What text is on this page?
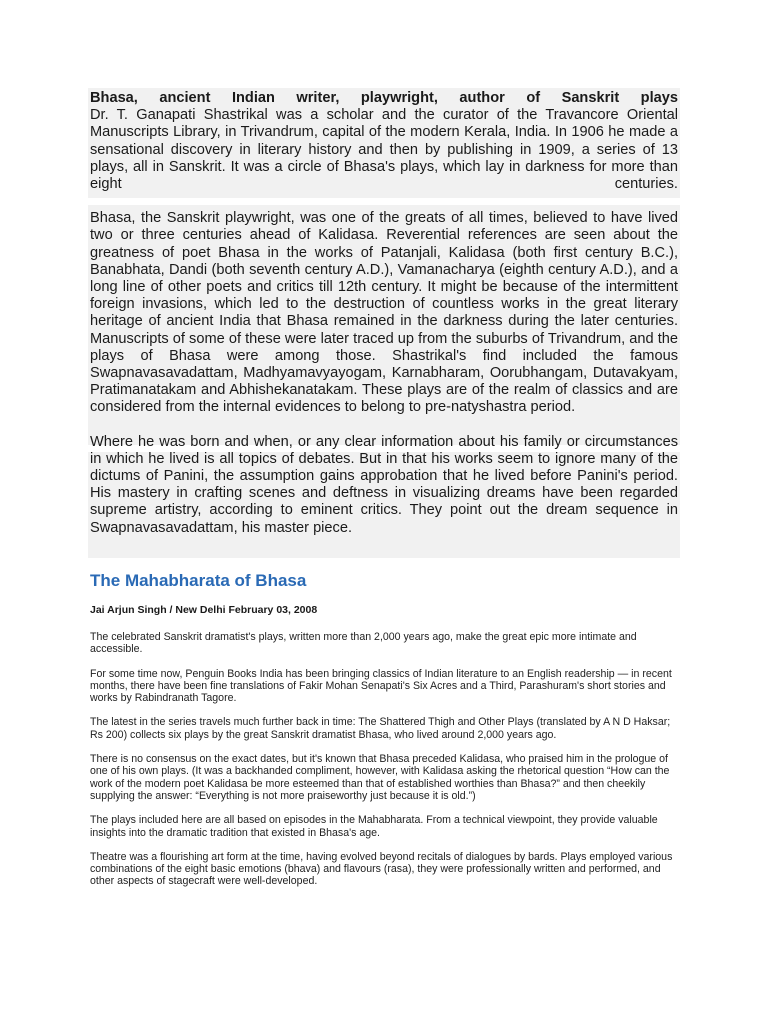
Bhasa, ancient Indian writer, playwright, author of Sanskrit plays
Dr. T. Ganapati Shastrikal was a scholar and the curator of the Travancore Oriental Manuscripts Library, in Trivandrum, capital of the modern Kerala, India. In 1906 he made a sensational discovery in literary history and then by publishing in 1909, a series of 13 plays, all in Sanskrit. It was a circle of Bhasa's plays, which lay in darkness for more than eight centuries.

Bhasa, the Sanskrit playwright, was one of the greats of all times, believed to have lived two or three centuries ahead of Kalidasa. Reverential references are seen about the greatness of poet Bhasa in the works of Patanjali, Kalidasa (both first century B.C.), Banabhata, Dandi (both seventh century A.D.), Vamanacharya (eighth century A.D.), and a long line of other poets and critics till 12th century. It might be because of the intermittent foreign invasions, which led to the destruction of countless works in the great literary heritage of ancient India that Bhasa remained in the darkness during the later centuries. Manuscripts of some of these were later traced up from the suburbs of Trivandrum, and the plays of Bhasa were among those. Shastrikal's find included the famous Swapnavasavadattam, Madhyamavyayogam, Karnabharam, Oorubhangam, Dutavakyam, Pratimanatakam and Abhishekanatakam. These plays are of the realm of classics and are considered from the internal evidences to belong to pre-natyshastra period.

Where he was born and when, or any clear information about his family or circumstances in which he lived is all topics of debates. But in that his works seem to ignore many of the dictums of Panini, the assumption gains approbation that he lived before Panini's period. His mastery in crafting scenes and deftness in visualizing dreams have been regarded supreme artistry, according to eminent critics. They point out the dream sequence in Swapnavasavadattam, his master piece.

The Mahabharata of Bhasa
Jai Arjun Singh / New Delhi February 03, 2008

The celebrated Sanskrit dramatist's plays, written more than 2,000 years ago, make the great epic more intimate and accessible.

For some time now, Penguin Books India has been bringing classics of Indian literature to an English readership — in recent months, there have been fine translations of Fakir Mohan Senapati's Six Acres and a Third, Parashuram's short stories and works by Rabindranath Tagore.

The latest in the series travels much further back in time: The Shattered Thigh and Other Plays (translated by A N D Haksar; Rs 200) collects six plays by the great Sanskrit dramatist Bhasa, who lived around 2,000 years ago.

There is no consensus on the exact dates, but it's known that Bhasa preceded Kalidasa, who praised him in the prologue of one of his own plays. (It was a backhanded compliment, however, with Kalidasa asking the rhetorical question “How can the work of the modern poet Kalidasa be more esteemed than that of established worthies than Bhasa?” and then cheekily supplying the answer: “Everything is not more praiseworthy just because it is old.”)

The plays included here are all based on episodes in the Mahabharata. From a technical viewpoint, they provide valuable insights into the dramatic tradition that existed in Bhasa's age.

Theatre was a flourishing art form at the time, having evolved beyond recitals of dialogues by bards. Plays employed various combinations of the eight basic emotions (bhava) and flavours (rasa), they were professionally written and performed, and other aspects of stagecraft were well-developed.
